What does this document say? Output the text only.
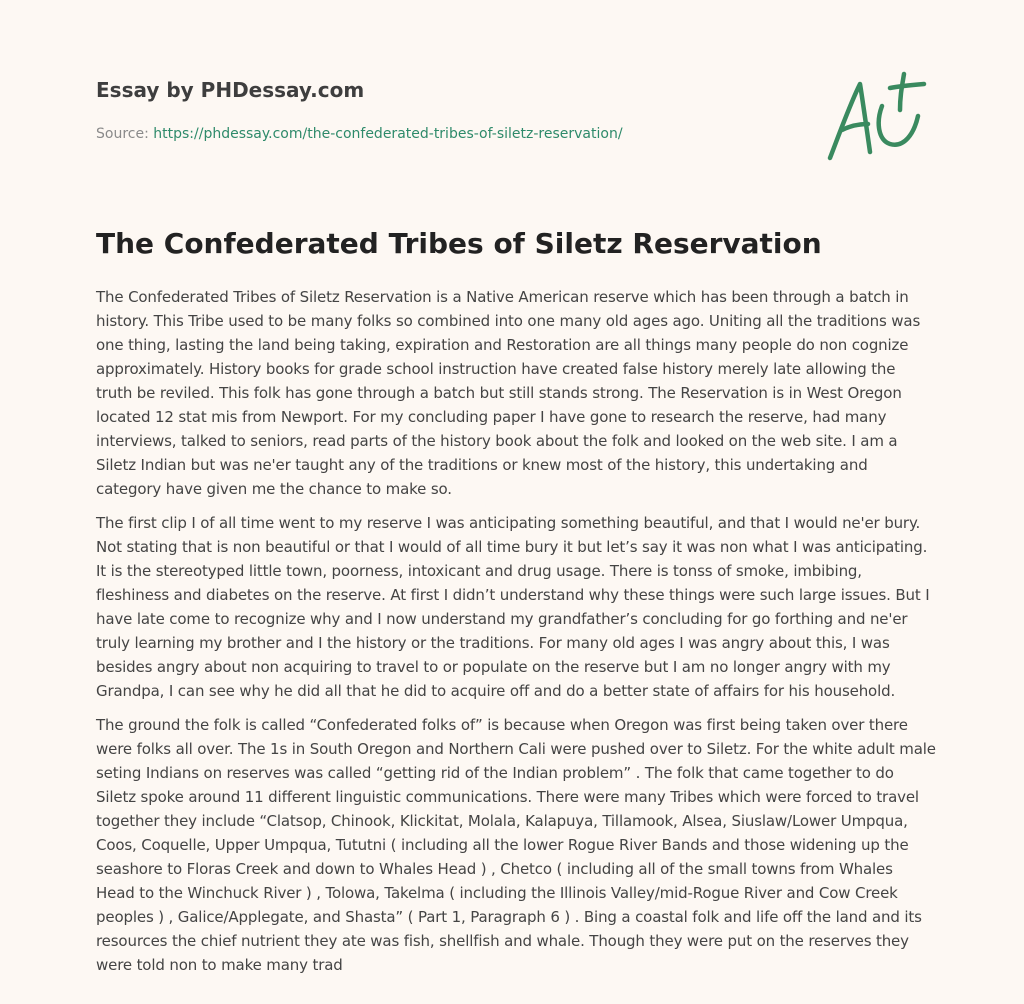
Essay by PHDessay.com
Source: https://phdessay.com/the-confederated-tribes-of-siletz-reservation/
The Confederated Tribes of Siletz Reservation

The Confederated Tribes of Siletz Reservation is a Native American reserve which has been through a batch in history. This Tribe used to be many folks so combined into one many old ages ago. Uniting all the traditions was one thing, lasting the land being taking, expiration and Restoration are all things many people do non cognize approximately. History books for grade school instruction have created false history merely late allowing the truth be reviled. This folk has gone through a batch but still stands strong. The Reservation is in West Oregon located 12 stat mis from Newport. For my concluding paper I have gone to research the reserve, had many interviews, talked to seniors, read parts of the history book about the folk and looked on the web site. I am a Siletz Indian but was ne'er taught any of the traditions or knew most of the history, this undertaking and category have given me the chance to make so.

The first clip I of all time went to my reserve I was anticipating something beautiful, and that I would ne'er bury. Not stating that is non beautiful or that I would of all time bury it but let’s say it was non what I was anticipating. It is the stereotyped little town, poorness, intoxicant and drug usage. There is tonss of smoke, imbibing, fleshiness and diabetes on the reserve. At first I didn’t understand why these things were such large issues. But I have late come to recognize why and I now understand my grandfather’s concluding for go forthing and ne'er truly learning my brother and I the history or the traditions. For many old ages I was angry about this, I was besides angry about non acquiring to travel to or populate on the reserve but I am no longer angry with my Grandpa, I can see why he did all that he did to acquire off and do a better state of affairs for his household.

The ground the folk is called “Confederated folks of” is because when Oregon was first being taken over there were folks all over. The 1s in South Oregon and Northern Cali were pushed over to Siletz. For the white adult male seting Indians on reserves was called “getting rid of the Indian problem” . The folk that came together to do Siletz spoke around 11 different linguistic communications. There were many Tribes which were forced to travel together they include “Clatsop, Chinook, Klickitat, Molala, Kalapuya, Tillamook, Alsea, Siuslaw/Lower Umpqua, Coos, Coquelle, Upper Umpqua, Tututni ( including all the lower Rogue River Bands and those widening up the seashore to Floras Creek and down to Whales Head ) , Chetco ( including all of the small towns from Whales Head to the Winchuck River ) , Tolowa, Takelma ( including the Illinois Valley/mid-Rogue River and Cow Creek peoples ) , Galice/Applegate, and Shasta” ( Part 1, Paragraph 6 ) . Bing a coastal folk and life off the land and its resources the chief nutrient they ate was fish, shellfish and whale. Though they were put on the reserves they were told non to make many trad
